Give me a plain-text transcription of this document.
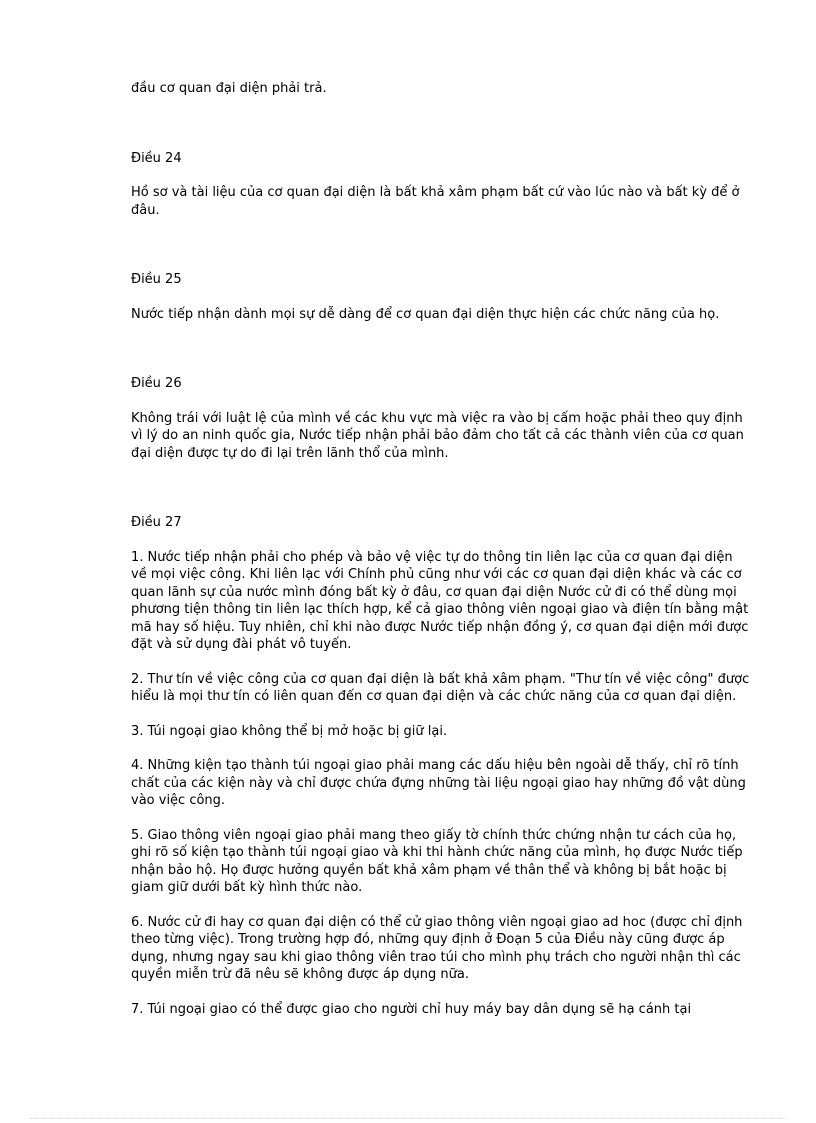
đầu cơ quan đại diện phải trả.

Điều 24

Hồ sơ và tài liệu của cơ quan đại diện là bất khả xâm phạm bất cứ vào lúc nào và bất kỳ để ở đâu.

Điều 25

Nước tiếp nhận dành mọi sự dễ dàng để cơ quan đại diện thực hiện các chức năng của họ.

Điều 26

Không trái với luật lệ của mình về các khu vực mà việc ra vào bị cấm hoặc phải theo quy định vì lý do an ninh quốc gia, Nước tiếp nhận phải bảo đảm cho tất cả các thành viên của cơ quan đại diện được tự do đi lại trên lãnh thổ của mình.

Điều 27

1. Nước tiếp nhận phải cho phép và bảo vệ việc tự do thông tin liên lạc của cơ quan đại diện về mọi việc công. Khi liên lạc với Chính phủ cũng như với các cơ quan đại diện khác và các cơ quan lãnh sự của nước mình đóng bất kỳ ở đâu, cơ quan đại diện Nước cử đi có thể dùng mọi phương tiện thông tin liên lạc thích hợp, kể cả giao thông viên ngoại giao và điện tín bằng mật mã hay số hiệu. Tuy nhiên, chỉ khi nào được Nước tiếp nhận đồng ý, cơ quan đại diện mới được đặt và sử dụng đài phát vô tuyến.

2. Thư tín về việc công của cơ quan đại diện là bất khả xâm phạm. "Thư tín về việc công" được hiểu là mọi thư tín có liên quan đến cơ quan đại diện và các chức năng của cơ quan đại diện.

3. Túi ngoại giao không thể bị mở hoặc bị giữ lại.

4. Những kiện tạo thành túi ngoại giao phải mang các dấu hiệu bên ngoài dễ thấy, chỉ rõ tính chất của các kiện này và chỉ được chứa đựng những tài liệu ngoại giao hay những đồ vật dùng vào việc công.

5. Giao thông viên ngoại giao phải mang theo giấy tờ chính thức chứng nhận tư cách của họ, ghi rõ số kiện tạo thành túi ngoại giao và khi thi hành chức năng của mình, họ được Nước tiếp nhận bảo hộ. Họ được hưởng quyền bất khả xâm phạm về thân thể và không bị bắt hoặc bị giam giữ dưới bất kỳ hình thức nào.

6. Nước cử đi hay cơ quan đại diện có thể cử giao thông viên ngoại giao ad hoc (được chỉ định theo từng việc). Trong trường hợp đó, những quy định ở Đoạn 5 của Điều này cũng được áp dụng, nhưng ngay sau khi giao thông viên trao túi cho mình phụ trách cho người nhận thì các quyền miễn trừ đã nêu sẽ không được áp dụng nữa.

7. Túi ngoại giao có thể được giao cho người chỉ huy máy bay dân dụng sẽ hạ cánh tại
